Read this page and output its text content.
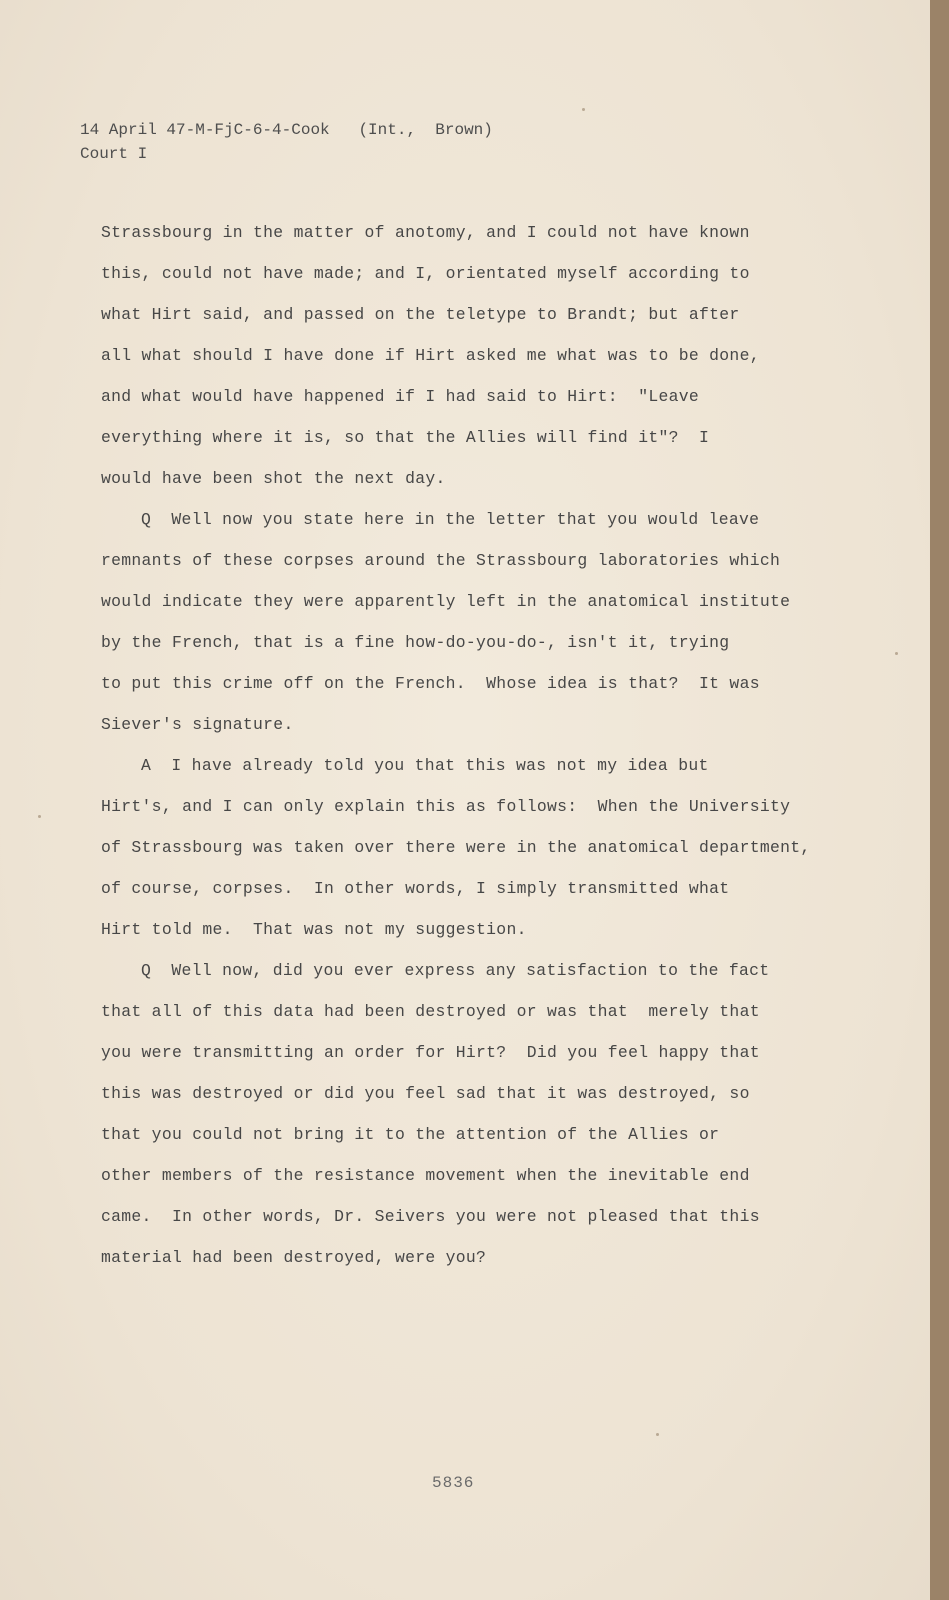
14 April 47-M-FjC-6-4-Cook   (Int.,  Brown)
Court I
Strassbourg in the matter of anotomy, and I could not have known
this, could not have made; and I, orientated myself according to
what Hirt said, and passed on the teletype to Brandt; but after
all what should I have done if Hirt asked me what was to be done,
and what would have happened if I had said to Hirt:  "Leave
everything where it is, so that the Allies will find it"?  I
would have been shot the next day.
Q  Well now you state here in the letter that you would leave
remnants of these corpses around the Strassbourg laboratories which
would indicate they were apparently left in the anatomical institute
by the French, that is a fine how-do-you-do-, isn't it, trying
to put this crime off on the French.  Whose idea is that?  It was
Siever's signature.
A  I have already told you that this was not my idea but
Hirt's, and I can only explain this as follows:  When the University
of Strassbourg was taken over there were in the anatomical department,
of course, corpses.  In other words, I simply transmitted what
Hirt told me.  That was not my suggestion.
Q  Well now, did you ever express any satisfaction to the fact
that all of this data had been destroyed or was that  merely that
you were transmitting an order for Hirt?  Did you feel happy that
this was destroyed or did you feel sad that it was destroyed, so
that you could not bring it to the attention of the Allies or
other members of the resistance movement when the inevitable end
came.  In other words, Dr. Seivers you were not pleased that this
material had been destroyed, were you?
5836
